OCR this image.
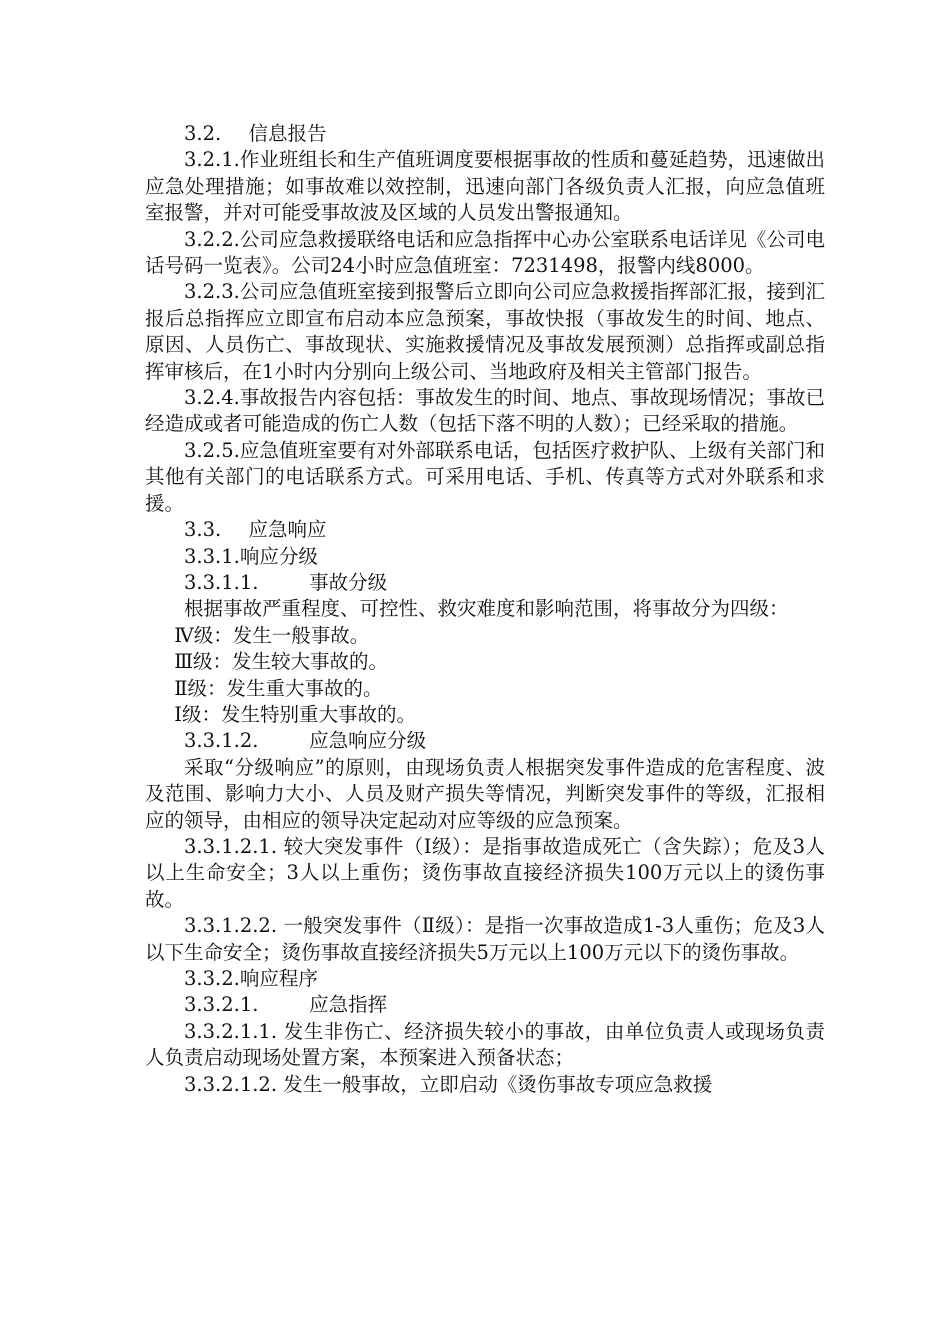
3.2. 信息报告

3.2.1.作业班组长和生产值班调度要根据事故的性质和蔓延趋势，迅速做出应急处理措施；如事故难以效控制，迅速向部门各级负责人汇报，向应急值班室报警，并对可能受事故波及区域的人员发出警报通知。

3.2.2.公司应急救援联络电话和应急指挥中心办公室联系电话详见《公司电话号码一览表》。公司24小时应急值班室：7231498，报警内线8000。

3.2.3.公司应急值班室接到报警后立即向公司应急救援指挥部汇报，接到汇报后总指挥应立即宣布启动本应急预案，事故快报（事故发生的时间、地点、原因、人员伤亡、事故现状、实施救援情况及事故发展预测）总指挥或副总指挥审核后，在1小时内分别向上级公司、当地政府及相关主管部门报告。

3.2.4.事故报告内容包括：事故发生的时间、地点、事故现场情况；事故已经造成或者可能造成的伤亡人数（包括下落不明的人数）；已经采取的措施。

3.2.5.应急值班室要有对外部联系电话，包括医疗救护队、上级有关部门和其他有关部门的电话联系方式。可采用电话、手机、传真等方式对外联系和求援。

3.3. 应急响应

3.3.1.响应分级

3.3.1.1.	事故分级

根据事故严重程度、可控性、救灾难度和影响范围，将事故分为四级：

Ⅳ级：发生一般事故。

Ⅲ级：发生较大事故的。

Ⅱ级：发生重大事故的。

Ⅰ级：发生特别重大事故的。

3.3.1.2.	应急响应分级

采取“分级响应”的原则，由现场负责人根据突发事件造成的危害程度、波及范围、影响力大小、人员及财产损失等情况，判断突发事件的等级，汇报相应的领导，由相应的领导决定起动对应等级的应急预案。

3.3.1.2.1. 较大突发事件（Ⅰ级）：是指事故造成死亡（含失踪）；危及3人以上生命安全；3人以上重伤；烫伤事故直接经济损失100万元以上的烫伤事故。

3.3.1.2.2. 一般突发事件（Ⅱ级）：是指一次事故造成1-3人重伤；危及3人以下生命安全；烫伤事故直接经济损失5万元以上100万元以下的烫伤事故。

3.3.2.响应程序

3.3.2.1.	应急指挥

3.3.2.1.1. 发生非伤亡、经济损失较小的事故，由单位负责人或现场负责人负责启动现场处置方案，本预案进入预备状态；

3.3.2.1.2. 发生一般事故，立即启动《烫伤事故专项应急救援
